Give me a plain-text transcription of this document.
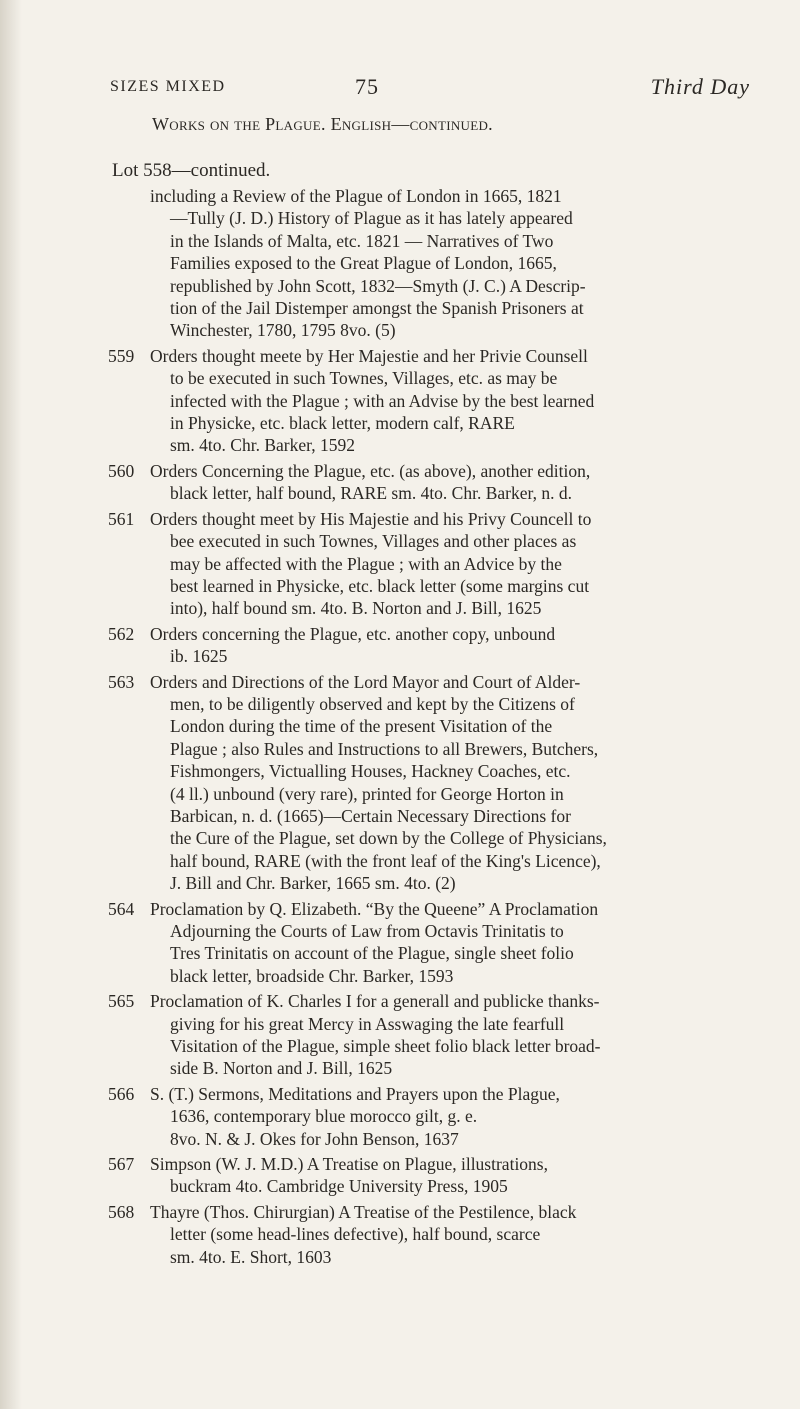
SIZES MIXED	75	Third Day
Works on the Plague. English—continued.
Lot 558—continued.
including a Review of the Plague of London in 1665, 1821
—Tully (J. D.) History of Plague as it has lately appeared
in the Islands of Malta, etc. 1821 — Narratives of Two
Families exposed to the Great Plague of London, 1665,
republished by John Scott, 1832—Smyth (J. C.) A Descrip-
tion of the Jail Distemper amongst the Spanish Prisoners at
Winchester, 1780, 1795 8vo. (5)
559 Orders thought meete by Her Majestie and her Privie Counsell
to be executed in such Townes, Villages, etc. as may be
infected with the Plague ; with an Advise by the best learned
in Physicke, etc. black letter, modern calf, RARE
sm. 4to. Chr. Barker, 1592
560 Orders Concerning the Plague, etc. (as above), another edition,
black letter, half bound, RARE sm. 4to. Chr. Barker, n. d.
561 Orders thought meet by His Majestie and his Privy Councell to
bee executed in such Townes, Villages and other places as
may be affected with the Plague ; with an Advice by the
best learned in Physicke, etc. black letter (some margins cut
into), half bound sm. 4to. B. Norton and J. Bill, 1625
562 Orders concerning the Plague, etc. another copy, unbound
ib. 1625
563 Orders and Directions of the Lord Mayor and Court of Alder-
men, to be diligently observed and kept by the Citizens of
London during the time of the present Visitation of the
Plague ; also Rules and Instructions to all Brewers, Butchers,
Fishmongers, Victualling Houses, Hackney Coaches, etc.
(4 ll.) unbound (very rare), printed for George Horton in
Barbican, n. d. (1665)—Certain Necessary Directions for
the Cure of the Plague, set down by the College of Physicians,
half bound, RARE (with the front leaf of the King's Licence),
J. Bill and Chr. Barker, 1665 sm. 4to. (2)
564 Proclamation by Q. Elizabeth. “By the Queene” A Proclamation
Adjourning the Courts of Law from Octavis Trinitatis to
Tres Trinitatis on account of the Plague, single sheet folio
black letter, broadside Chr. Barker, 1593
565 Proclamation of K. Charles I for a generall and publicke thanks-
giving for his great Mercy in Asswaging the late fearfull
Visitation of the Plague, simple sheet folio black letter broad-
side B. Norton and J. Bill, 1625
566 S. (T.) Sermons, Meditations and Prayers upon the Plague,
1636, contemporary blue morocco gilt, g. e.
8vo. N. & J. Okes for John Benson, 1637
567 Simpson (W. J. M.D.) A Treatise on Plague, illustrations,
buckram 4to. Cambridge University Press, 1905
568 Thayre (Thos. Chirurgian) A Treatise of the Pestilence, black
letter (some head-lines defective), half bound, scarce
sm. 4to. E. Short, 1603
